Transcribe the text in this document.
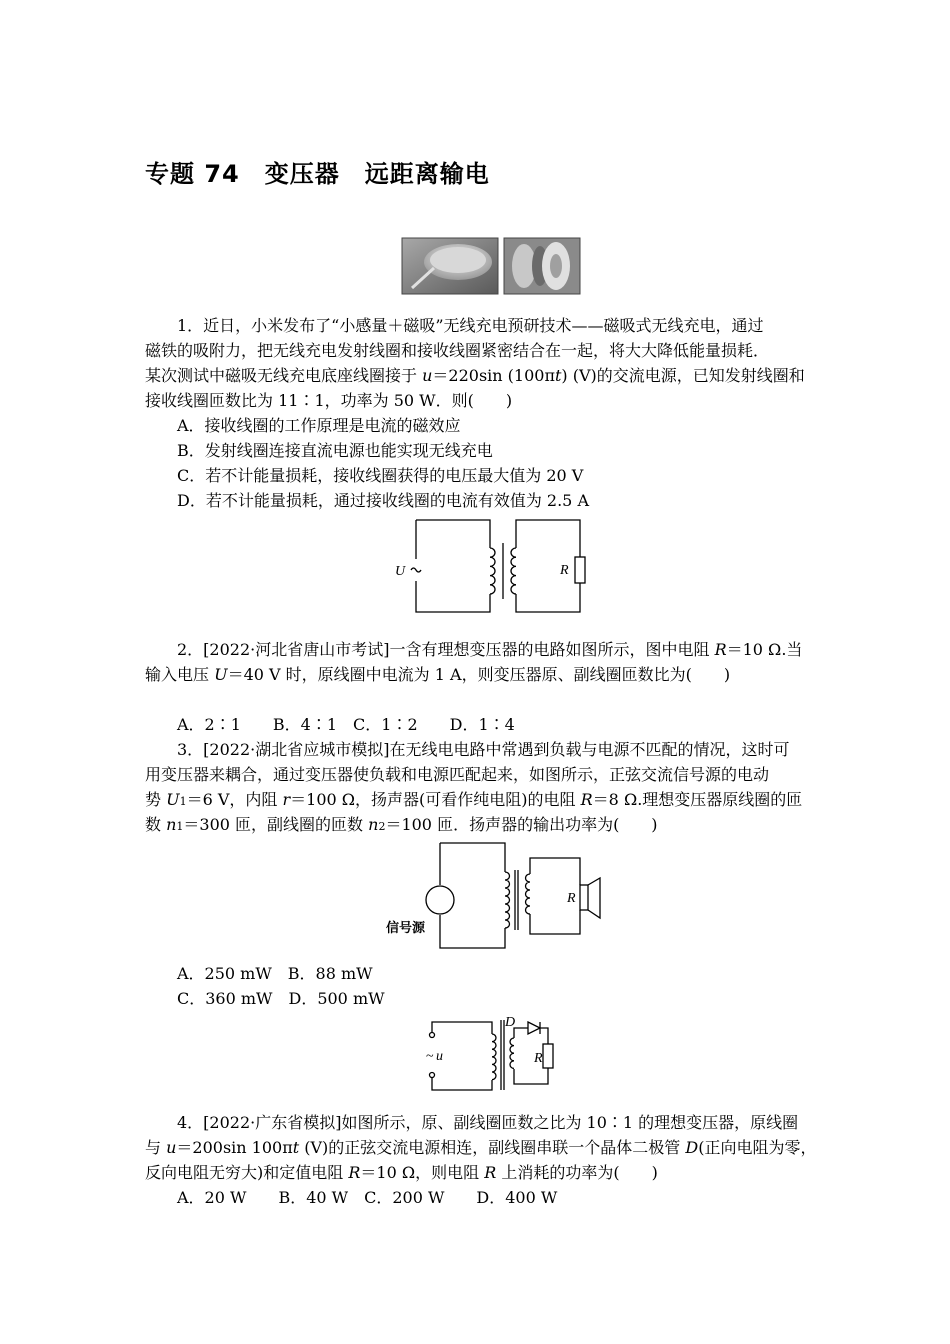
专题 74　变压器　远距离输电
1．近日，小米发布了“小感量＋磁吸”无线充电预研技术——磁吸式无线充电，通过
磁铁的吸附力，把无线充电发射线圈和接收线圈紧密结合在一起，将大大降低能量损耗．
某次测试中磁吸无线充电底座线圈接于 u＝220sin (100πt) (V)的交流电源，已知发射线圈和
接收线圈匝数比为 11∶1，功率为 50 W．则(　　)
A．接收线圈的工作原理是电流的磁效应
B．发射线圈连接直流电源也能实现无线充电
C．若不计能量损耗，接收线圈获得的电压最大值为 20 V
D．若不计能量损耗，通过接收线圈的电流有效值为 2.5 A
U	R
2．[2022·河北省唐山市考试]一含有理想变压器的电路如图所示，图中电阻 R＝10 Ω.当
输入电压 U＝40 V 时，原线圈中电流为 1 A，则变压器原、副线圈匝数比为(　　)
A．2∶1　　B．4∶1　C．1∶2　　D．1∶4
3．[2022·湖北省应城市模拟]在无线电电路中常遇到负载与电源不匹配的情况，这时可
用变压器来耦合，通过变压器使负载和电源匹配起来，如图所示，正弦交流信号源的电动
势 U1＝6 V，内阻 r＝100 Ω，扬声器(可看作纯电阻)的电阻 R＝8 Ω.理想变压器原线圈的匝
数 n1＝300 匝，副线圈的匝数 n2＝100 匝．扬声器的输出功率为(　　)
R
信号源
A．250 mW　B．88 mW
C．360 mW　D．500 mW
D
R
~ u
4．[2022·广东省模拟]如图所示，原、副线圈匝数之比为 10∶1 的理想变压器，原线圈
与 u＝200sin 100πt (V)的正弦交流电源相连，副线圈串联一个晶体二极管 D(正向电阻为零，
反向电阻无穷大)和定值电阻 R＝10 Ω，则电阻 R 上消耗的功率为(　　)
A．20 W　　B．40 W　C．200 W　　D．400 W
